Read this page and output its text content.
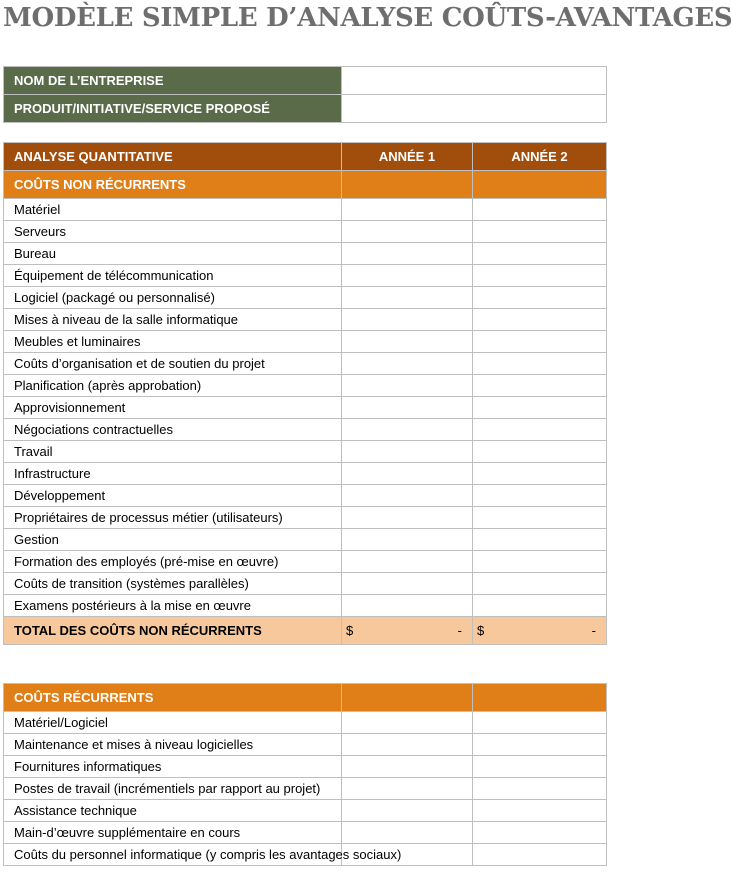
MODÈLE SIMPLE D’ANALYSE COÛTS-AVANTAGES
NOM DE L’ENTREPRISE	
PRODUIT/INITIATIVE/SERVICE PROPOSÉ	
ANALYSE QUANTITATIVE	ANNÉE 1	ANNÉE 2
COÛTS NON RÉCURRENTS		
Matériel		
Serveurs		
Bureau		
Équipement de télécommunication		
Logiciel (packagé ou personnalisé)		
Mises à niveau de la salle informatique		
Meubles et luminaires		
Coûts d’organisation et de soutien du projet		
Planification (après approbation)		
Approvisionnement		
Négociations contractuelles		
Travail		
Infrastructure		
Développement		
Propriétaires de processus métier (utilisateurs)		
Gestion		
Formation des employés (pré-mise en œuvre)		
Coûts de transition (systèmes parallèles)		
Examens postérieurs à la mise en œuvre		
TOTAL DES COÛTS NON RÉCURRENTS	$ -	$ -
COÛTS RÉCURRENTS		
Matériel/Logiciel		
Maintenance et mises à niveau logicielles		
Fournitures informatiques		
Postes de travail (incrémentiels par rapport au projet)		
Assistance technique		
Main-d’œuvre supplémentaire en cours		
Coûts du personnel informatique (y compris les avantages sociaux)		
